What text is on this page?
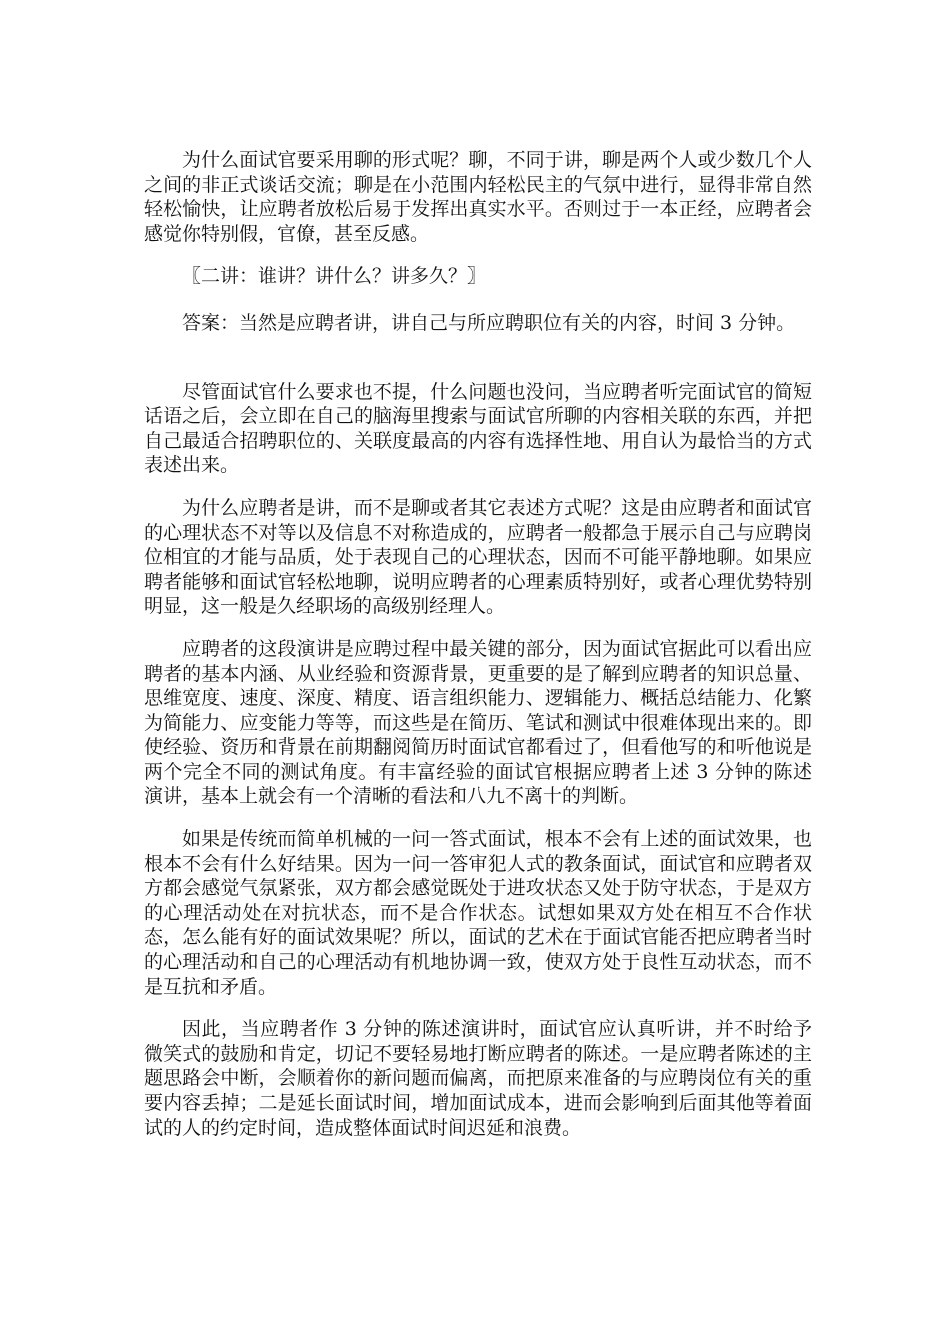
为什么面试官要采用聊的形式呢？聊，不同于讲，聊是两个人或少数几个人之间的非正式谈话交流；聊是在小范围内轻松民主的气氛中进行，显得非常自然轻松愉快，让应聘者放松后易于发挥出真实水平。否则过于一本正经，应聘者会感觉你特别假，官僚，甚至反感。

〖二讲：谁讲？讲什么？讲多久？〗

答案：当然是应聘者讲，讲自己与所应聘职位有关的内容，时间 3 分钟。

尽管面试官什么要求也不提，什么问题也没问，当应聘者听完面试官的简短话语之后，会立即在自己的脑海里搜索与面试官所聊的内容相关联的东西，并把自己最适合招聘职位的、关联度最高的内容有选择性地、用自认为最恰当的方式表述出来。

为什么应聘者是讲，而不是聊或者其它表述方式呢？这是由应聘者和面试官的心理状态不对等以及信息不对称造成的，应聘者一般都急于展示自己与应聘岗位相宜的才能与品质，处于表现自己的心理状态，因而不可能平静地聊。如果应聘者能够和面试官轻松地聊，说明应聘者的心理素质特别好，或者心理优势特别明显，这一般是久经职场的高级别经理人。

应聘者的这段演讲是应聘过程中最关键的部分，因为面试官据此可以看出应聘者的基本内涵、从业经验和资源背景，更重要的是了解到应聘者的知识总量、思维宽度、速度、深度、精度、语言组织能力、逻辑能力、概括总结能力、化繁为简能力、应变能力等等，而这些是在简历、笔试和测试中很难体现出来的。即使经验、资历和背景在前期翻阅简历时面试官都看过了，但看他写的和听他说是两个完全不同的测试角度。有丰富经验的面试官根据应聘者上述 3 分钟的陈述演讲，基本上就会有一个清晰的看法和八九不离十的判断。

如果是传统而简单机械的一问一答式面试，根本不会有上述的面试效果，也根本不会有什么好结果。因为一问一答审犯人式的教条面试，面试官和应聘者双方都会感觉气氛紧张，双方都会感觉既处于进攻状态又处于防守状态，于是双方的心理活动处在对抗状态，而不是合作状态。试想如果双方处在相互不合作状态，怎么能有好的面试效果呢？所以，面试的艺术在于面试官能否把应聘者当时的心理活动和自己的心理活动有机地协调一致，使双方处于良性互动状态，而不是互抗和矛盾。

因此，当应聘者作 3 分钟的陈述演讲时，面试官应认真听讲，并不时给予微笑式的鼓励和肯定，切记不要轻易地打断应聘者的陈述。一是应聘者陈述的主题思路会中断，会顺着你的新问题而偏离，而把原来准备的与应聘岗位有关的重要内容丢掉；二是延长面试时间，增加面试成本，进而会影响到后面其他等着面试的人的约定时间，造成整体面试时间迟延和浪费。
